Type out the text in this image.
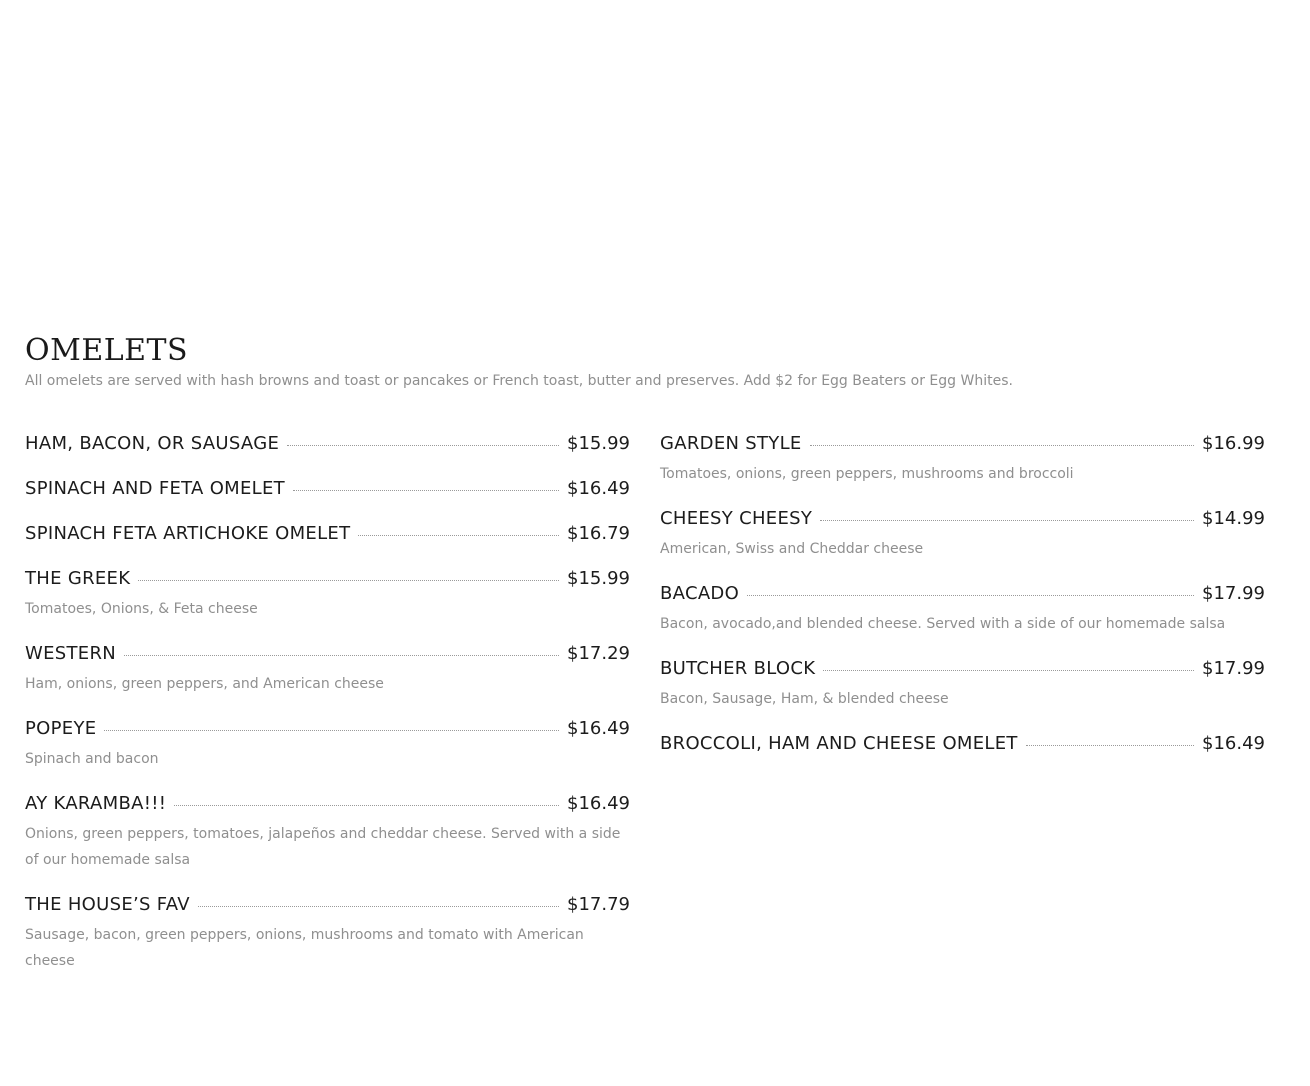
OMELETS

All omelets are served with hash browns and toast or pancakes or French toast, butter and preserves. Add $2 for Egg Beaters or Egg Whites.

HAM, BACON, OR SAUSAGE	$15.99
SPINACH AND FETA OMELET	$16.49
SPINACH FETA ARTICHOKE OMELET	$16.79
THE GREEK	$15.99
Tomatoes, Onions, & Feta cheese
WESTERN	$17.29
Ham, onions, green peppers, and American cheese
POPEYE	$16.49
Spinach and bacon
AY KARAMBA!!!	$16.49
Onions, green peppers, tomatoes, jalapeños and cheddar cheese. Served with a side of our homemade salsa
THE HOUSE’S FAV	$17.79
Sausage, bacon, green peppers, onions, mushrooms and tomato with American cheese
GARDEN STYLE	$16.99
Tomatoes, onions, green peppers, mushrooms and broccoli
CHEESY CHEESY	$14.99
American, Swiss and Cheddar cheese
BACADO	$17.99
Bacon, avocado,and blended cheese. Served with a side of our homemade salsa
BUTCHER BLOCK	$17.99
Bacon, Sausage, Ham, & blended cheese
BROCCOLI, HAM AND CHEESE OMELET	$16.49
